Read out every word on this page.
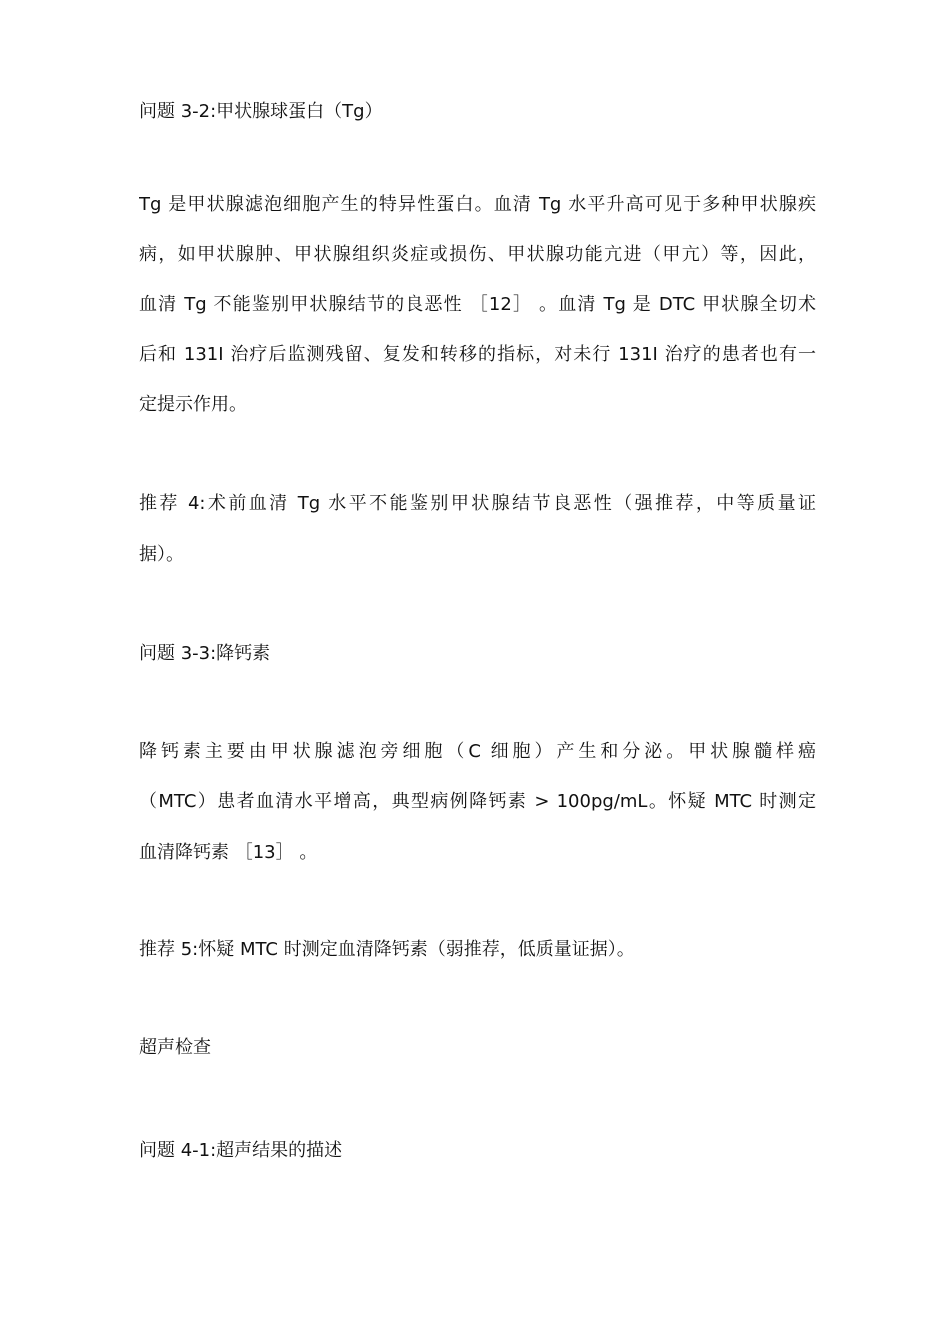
问题 3-2:甲状腺球蛋白（Tg）
Tg 是甲状腺滤泡细胞产生的特异性蛋白。血清 Tg 水平升高可见于多种甲状腺疾
病，如甲状腺肿、甲状腺组织炎症或损伤、甲状腺功能亢进（甲亢）等，因此，
血清 Tg 不能鉴别甲状腺结节的良恶性 ［12］ 。血清 Tg 是 DTC 甲状腺全切术
后和 131I 治疗后监测残留、复发和转移的指标，对未行 131I 治疗的患者也有一
定提示作用。
推荐 4:术前血清 Tg 水平不能鉴别甲状腺结节良恶性（强推荐，中等质量证
据）。
问题 3-3:降钙素
降钙素主要由甲状腺滤泡旁细胞（C 细胞）产生和分泌。甲状腺髓样癌
（MTC）患者血清水平增高，典型病例降钙素 > 100pg/mL。怀疑 MTC 时测定
血清降钙素 ［13］ 。
推荐 5:怀疑 MTC 时测定血清降钙素（弱推荐，低质量证据）。
超声检查
问题 4-1:超声结果的描述
